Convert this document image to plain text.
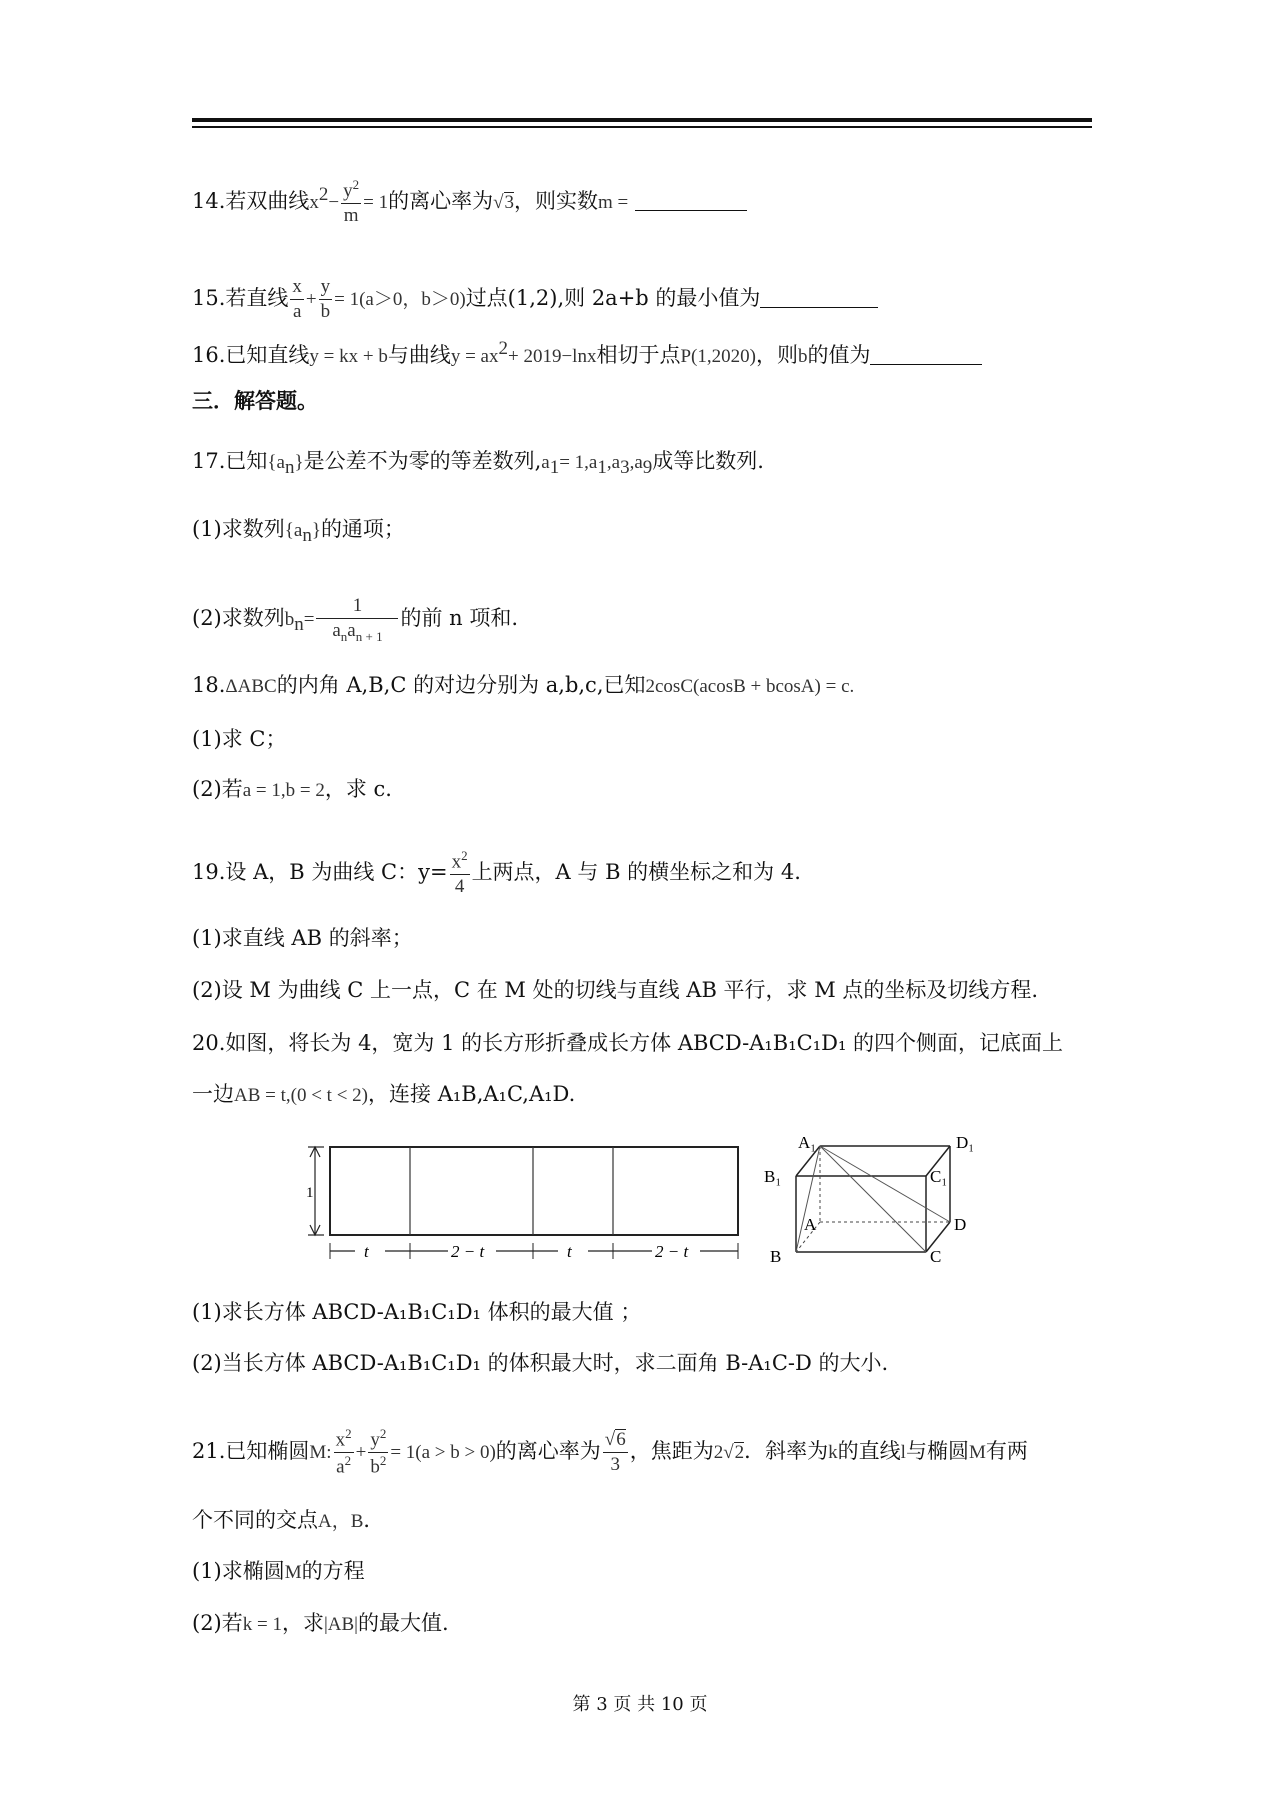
14.若双曲线$x^2- \frac{y^2}{m} = 1$的离心率为√3，则实数m =
15.若直线 $\frac{x}{a} + \frac{y}{b} = 1(a>0$，b＞0)过点(1,2),则 2a+b 的最小值为
16.已知直线y = kx + b与曲线$y = ax^2+ 2019-\ln x$相切于点P(1,2020)，则b的值为
三．解答题。
17.已知$\{a_n\}$是公差不为零的等差数列$,a_1= 1,a_1,a_3,a_9$成等比数列.
(1)求数列$\{a_n\}$的通项；
(2)求数列$b_n= \frac{1}{a_na_{n + 1}}$ 的前 n 项和.
18.ΔABC的内角 A,B,C 的对边分别为 a,b,c,已知2cosC(acosB + bcosA) = c.
(1)求 C；
(2)若a = 1,b = 2，求 c.
19.设 A，B 为曲线 C：$y= \frac{x^2}{4}$ 上两点，A 与 B 的横坐标之和为 4.
(1)求直线 AB 的斜率；
(2)设 M 为曲线 C 上一点，C 在 M 处的切线与直线 AB 平行，求 M 点的坐标及切线方程.
20.如图，将长为 4，宽为 1 的长方形折叠成长方体 ABCD-A₁B₁C₁D₁ 的四个侧面，记底面上
一边AB = t,(0 < t < 2)，连接 A₁B,A₁C,A₁D.
1
t	2 − t	t	2 − t
A₁	D₁
B₁	C₁
A	D
B	C
(1)求长方体 ABCD-A₁B₁C₁D₁ 体积的最大值 ；
(2)当长方体 ABCD-A₁B₁C₁D₁ 的体积最大时，求二面角 B-A₁C-D 的大小.
21.已知椭圆M: $\frac{x^2}{a^2} + \frac{y^2}{b^2} = 1(a > b > 0)$的离心率为 $\frac{√6}{3}$ ，焦距为2√2．斜率为k的直线l与椭圆M有两
个不同的交点A，B．
(1)求椭圆M的方程
(2)若k = 1，求|AB|的最大值.
第 3 页 共 10 页
